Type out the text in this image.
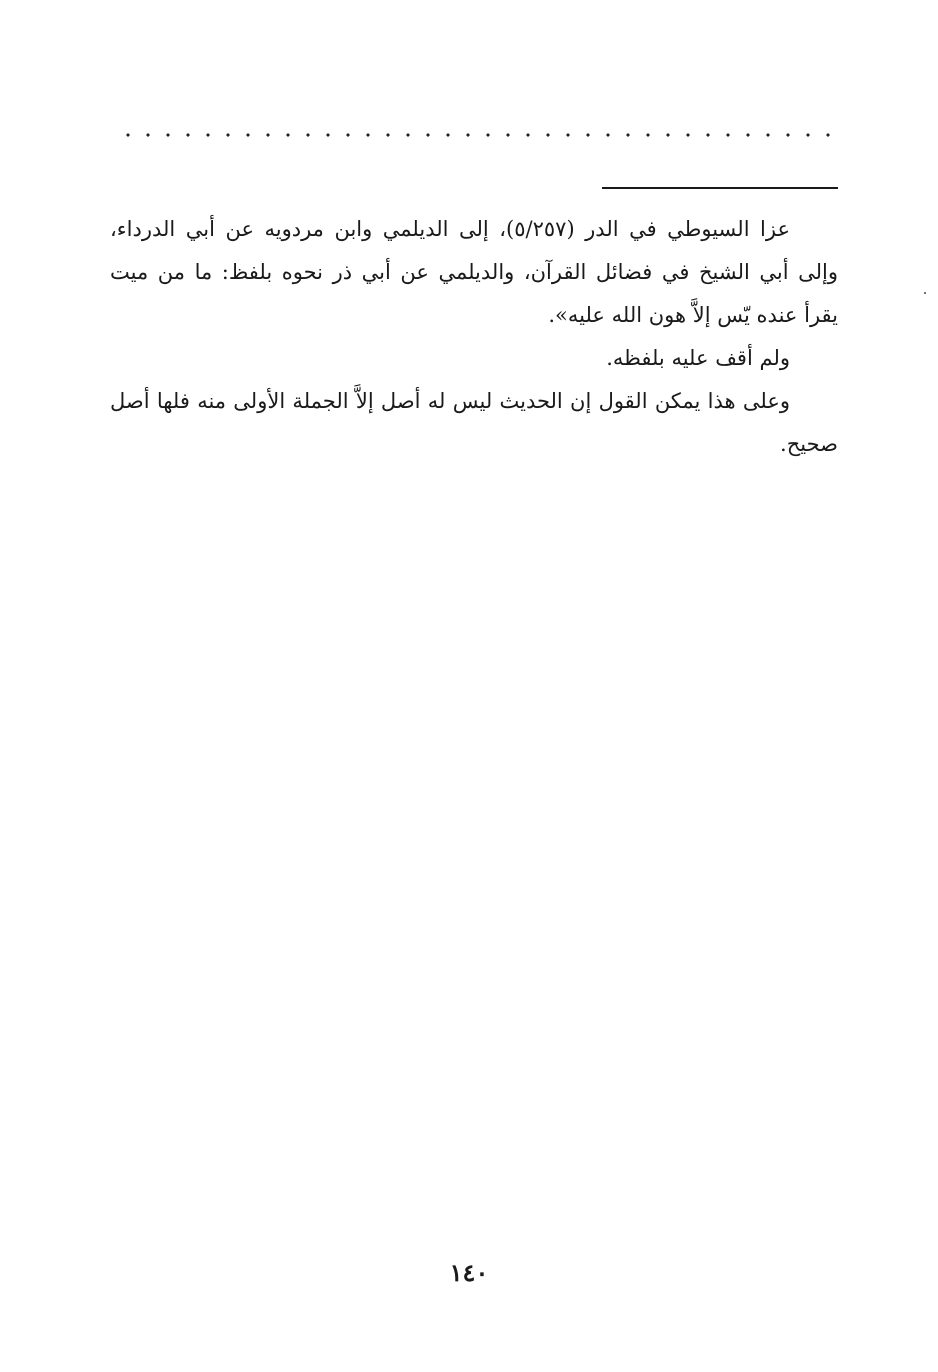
عزا السيوطي في الدر (٥/٢٥٧)، إلى الديلمي وابن مردويه عن أبي الدرداء، وإلى أبي الشيخ في فضائل القرآن، والديلمي عن أبي ذر نحوه بلفظ: ما من ميت يقرأ عنده يّس إلاَّ هون الله عليه».

ولم أقف عليه بلفظه.

وعلى هذا يمكن القول إن الحديث ليس له أصل إلاَّ الجملة الأولى منه فلها أصل صحيح.

١٤٠
